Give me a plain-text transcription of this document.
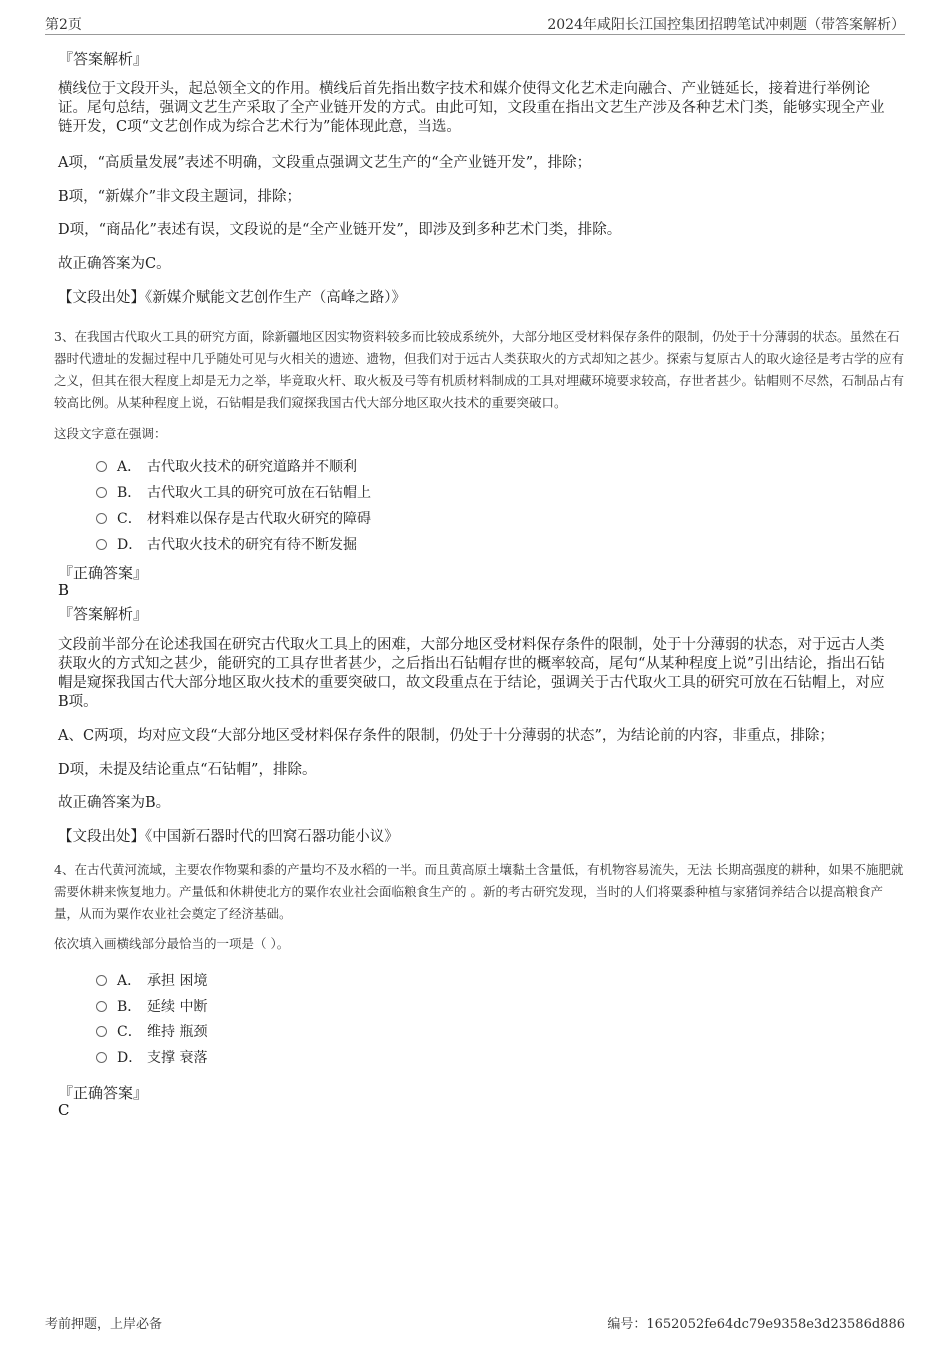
第2页	2024年咸阳长江国控集团招聘笔试冲刺题（带答案解析）
『答案解析』
横线位于文段开头，起总领全文的作用。横线后首先指出数字技术和媒介使得文化艺术走向融合、产业链延长，接着进行举例论证。尾句总结，强调文艺生产采取了全产业链开发的方式。由此可知，文段重在指出文艺生产涉及各种艺术门类，能够实现全产业链开发，C项“文艺创作成为综合艺术行为”能体现此意，当选。
A项，“高质量发展”表述不明确，文段重点强调文艺生产的“全产业链开发”，排除；
B项，“新媒介”非文段主题词，排除；
D项，“商品化”表述有误，文段说的是“全产业链开发”，即涉及到多种艺术门类，排除。
故正确答案为C。
【文段出处】《新媒介赋能文艺创作生产（高峰之路）》
3、在我国古代取火工具的研究方面，除新疆地区因实物资料较多而比较成系统外，大部分地区受材料保存条件的限制，仍处于十分薄弱的状态。虽然在石器时代遗址的发掘过程中几乎随处可见与火相关的遗迹、遗物，但我们对于远古人类获取火的方式却知之甚少。探索与复原古人的取火途径是考古学的应有之义，但其在很大程度上却是无力之举，毕竟取火杆、取火板及弓等有机质材料制成的工具对埋藏环境要求较高，存世者甚少。钻帽则不尽然，石制品占有较高比例。从某种程度上说，石钻帽是我们窥探我国古代大部分地区取火技术的重要突破口。
这段文字意在强调：
A． 古代取火技术的研究道路并不顺利
B． 古代取火工具的研究可放在石钻帽上
C． 材料难以保存是古代取火研究的障碍
D． 古代取火技术的研究有待不断发掘
『正确答案』
B
『答案解析』
文段前半部分在论述我国在研究古代取火工具上的困难，大部分地区受材料保存条件的限制，处于十分薄弱的状态，对于远古人类获取火的方式知之甚少，能研究的工具存世者甚少，之后指出石钻帽存世的概率较高，尾句“从某种程度上说”引出结论，指出石钻帽是窥探我国古代大部分地区取火技术的重要突破口，故文段重点在于结论，强调关于古代取火工具的研究可放在石钻帽上，对应B项。
A、C两项，均对应文段“大部分地区受材料保存条件的限制，仍处于十分薄弱的状态”，为结论前的内容，非重点，排除；
D项，未提及结论重点“石钻帽”，排除。
故正确答案为B。
【文段出处】《中国新石器时代的凹窝石器功能小议》
4、在古代黄河流域，主要农作物粟和黍的产量均不及水稻的一半。而且黄高原土壤黏土含量低，有机物容易流失，无法 长期高强度的耕种，如果不施肥就需要休耕来恢复地力。产量低和休耕使北方的粟作农业社会面临粮食生产的 。新的考古研究发现，当时的人们将粟黍种植与家猪饲养结合以提高粮食产量，从而为粟作农业社会奠定了经济基础。
依次填入画横线部分最恰当的一项是（ ）。
A． 承担 困境
B． 延续 中断
C． 维持 瓶颈
D． 支撑 衰落
『正确答案』
C
考前押题，上岸必备	编号：1652052fe64dc79e9358e3d23586d886
